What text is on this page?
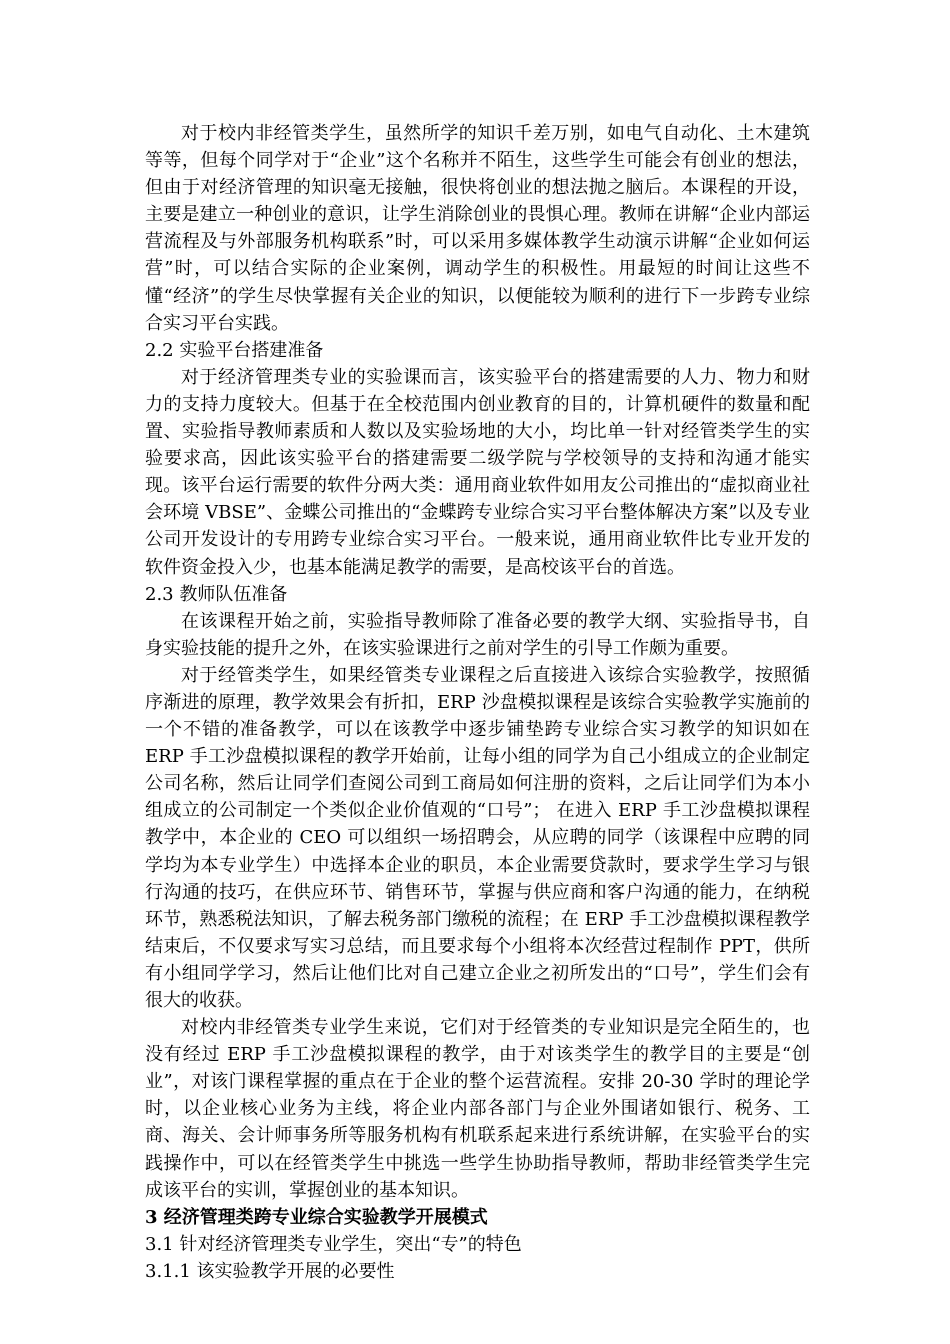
对于校内非经管类学生，虽然所学的知识千差万别，如电气自动化、土木建筑等等，但每个同学对于“企业”这个名称并不陌生，这些学生可能会有创业的想法，但由于对经济管理的知识毫无接触，很快将创业的想法抛之脑后。本课程的开设，主要是建立一种创业的意识，让学生消除创业的畏惧心理。教师在讲解“企业内部运营流程及与外部服务机构联系”时，可以采用多媒体教学生动演示讲解“企业如何运营”时，可以结合实际的企业案例，调动学生的积极性。用最短的时间让这些不懂“经济”的学生尽快掌握有关企业的知识，以便能较为顺利的进行下一步跨专业综合实习平台实践。

2.2 实验平台搭建准备

对于经济管理类专业的实验课而言，该实验平台的搭建需要的人力、物力和财力的支持力度较大。但基于在全校范围内创业教育的目的，计算机硬件的数量和配置、实验指导教师素质和人数以及实验场地的大小，均比单一针对经管类学生的实验要求高，因此该实验平台的搭建需要二级学院与学校领导的支持和沟通才能实现。该平台运行需要的软件分两大类：通用商业软件如用友公司推出的“虚拟商业社会环境 VBSE”、金蝶公司推出的“金蝶跨专业综合实习平台整体解决方案”以及专业公司开发设计的专用跨专业综合实习平台。一般来说，通用商业软件比专业开发的软件资金投入少，也基本能满足教学的需要，是高校该平台的首选。

2.3 教师队伍准备

在该课程开始之前，实验指导教师除了准备必要的教学大纲、实验指导书，自身实验技能的提升之外，在该实验课进行之前对学生的引导工作颇为重要。

对于经管类学生，如果经管类专业课程之后直接进入该综合实验教学，按照循序渐进的原理，教学效果会有折扣，ERP 沙盘模拟课程是该综合实验教学实施前的一个不错的准备教学，可以在该教学中逐步铺垫跨专业综合实习教学的知识如在 ERP 手工沙盘模拟课程的教学开始前，让每小组的同学为自己小组成立的企业制定公司名称，然后让同学们查阅公司到工商局如何注册的资料，之后让同学们为本小组成立的公司制定一个类似企业价值观的“口号”； 在进入 ERP 手工沙盘模拟课程教学中，本企业的 CEO 可以组织一场招聘会，从应聘的同学（该课程中应聘的同学均为本专业学生）中选择本企业的职员，本企业需要贷款时，要求学生学习与银行沟通的技巧，在供应环节、销售环节，掌握与供应商和客户沟通的能力，在纳税环节，熟悉税法知识，了解去税务部门缴税的流程；在 ERP 手工沙盘模拟课程教学结束后，不仅要求写实习总结，而且要求每个小组将本次经营过程制作 PPT，供所有小组同学学习，然后让他们比对自己建立企业之初所发出的“口号”，学生们会有很大的收获。

对校内非经管类专业学生来说，它们对于经管类的专业知识是完全陌生的，也没有经过 ERP 手工沙盘模拟课程的教学，由于对该类学生的教学目的主要是“创业”，对该门课程掌握的重点在于企业的整个运营流程。安排 20-30 学时的理论学时，以企业核心业务为主线，将企业内部各部门与企业外围诸如银行、税务、工商、海关、会计师事务所等服务机构有机联系起来进行系统讲解，在实验平台的实践操作中，可以在经管类学生中挑选一些学生协助指导教师，帮助非经管类学生完成该平台的实训，掌握创业的基本知识。

3 经济管理类跨专业综合实验教学开展模式

3.1 针对经济管理类专业学生，突出“专”的特色

3.1.1 该实验教学开展的必要性
